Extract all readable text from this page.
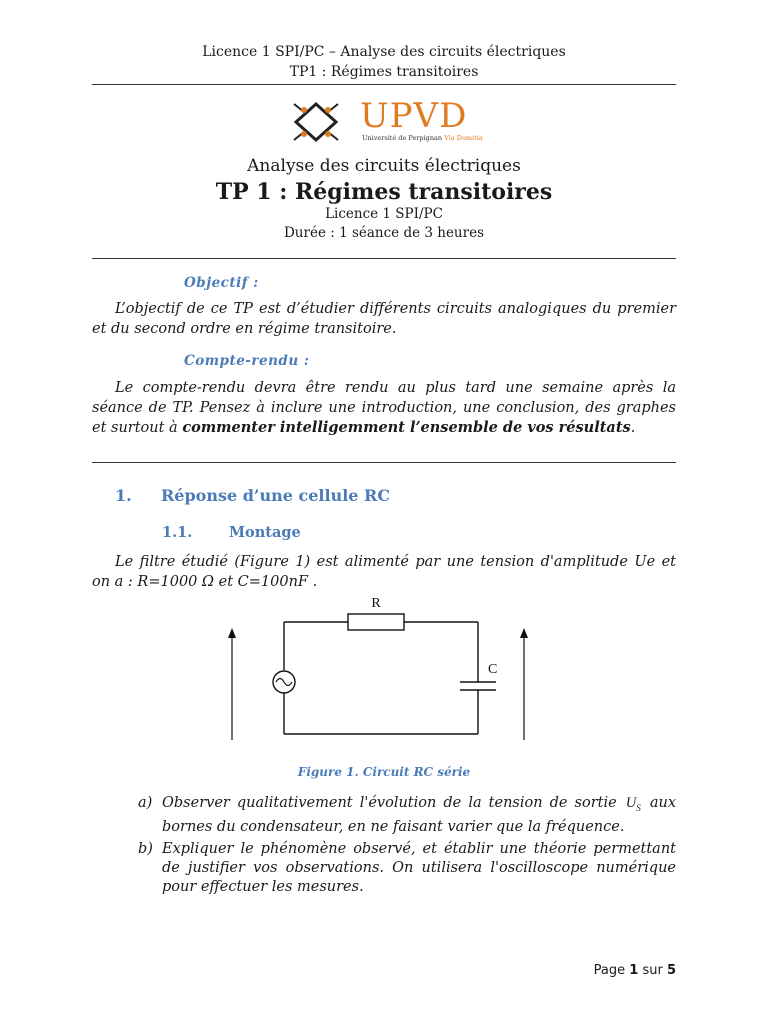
Licence 1 SPI/PC – Analyse des circuits électriques
TP1 : Régimes transitoires
UPVD
Université de Perpignan Via Domitia
Analyse des circuits électriques
TP 1 : Régimes transitoires
Licence 1 SPI/PC
Durée : 1 séance de 3 heures
Objectif :
L’objectif de ce TP est d’étudier différents circuits analogiques du premier et du second ordre en régime transitoire.
Compte-rendu :
Le compte-rendu devra être rendu au plus tard une semaine après la séance de TP. Pensez à inclure une introduction, une conclusion, des graphes et surtout à commenter intelligemment l’ensemble de vos résultats.
1. Réponse d’une cellule RC
1.1.	Montage
Le filtre étudié (Figure 1) est alimenté par une tension d'amplitude Ue et on a : R=1000 Ω et C=100nF .
R
C
Figure 1. Circuit RC série
a) Observer qualitativement l'évolution de la tension de sortie $U_S$ aux bornes du condensateur, en ne faisant varier que la fréquence.
b) Expliquer le phénomène observé, et établir une théorie permettant de justifier vos observations. On utilisera l'oscilloscope numérique pour effectuer les mesures.
Page 1 sur 5
